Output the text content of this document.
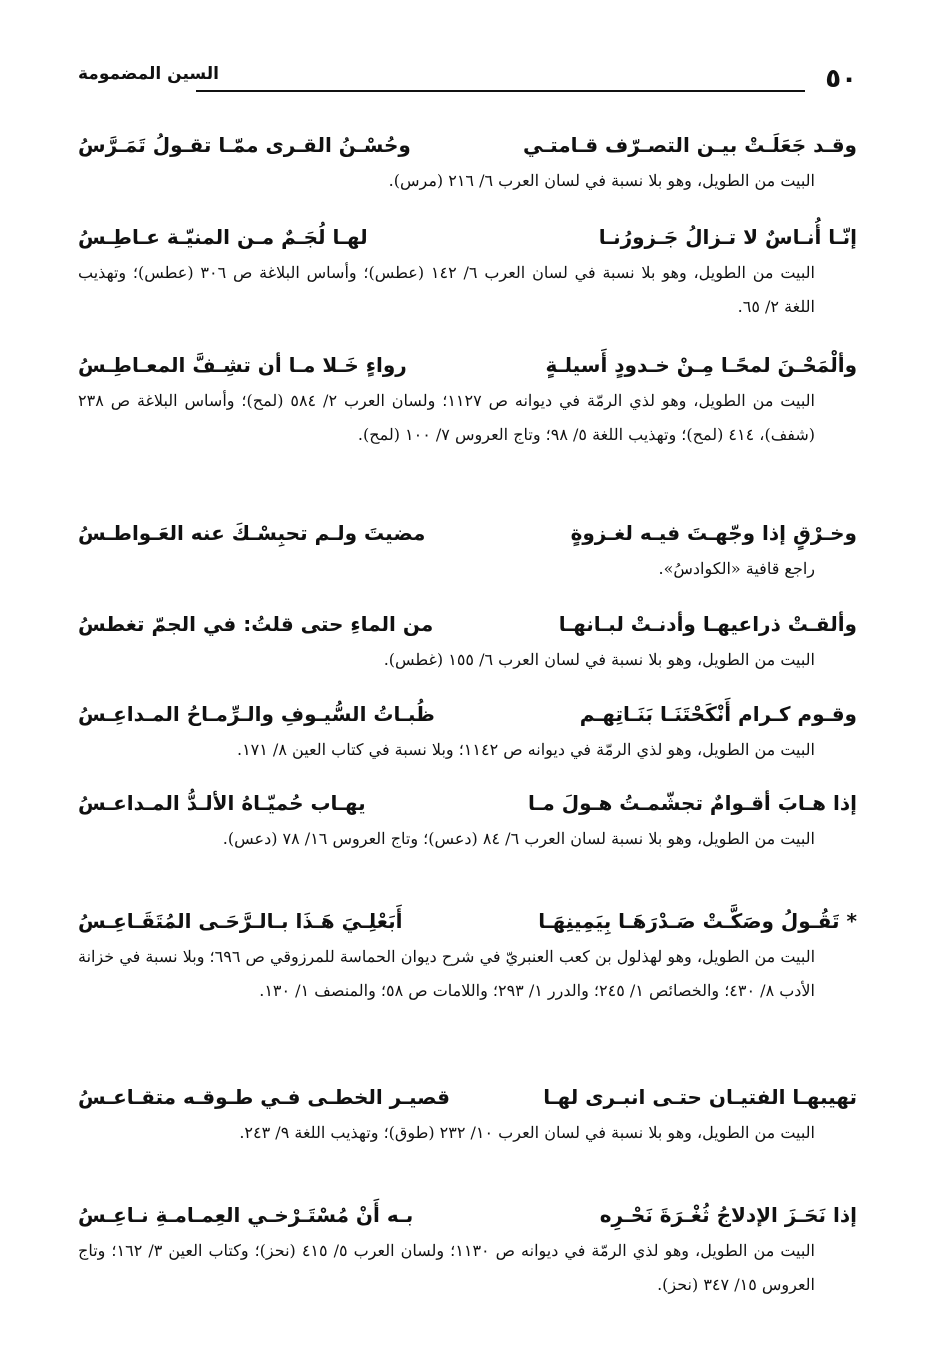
٥٠
السين المضمومة
وقـد جَعَلَـتْ بيـن التصـرّف قـامتـي
وحُسْـنُ القـرى ممّـا تقـولُ تَمَـرَّسُ
البيت من الطويل، وهو بلا نسبة في لسان العرب ٦/ ٢١٦ (مرس).
إنّـا أُنـاسٌ لا تـزالُ جَـزورُنـا
لهـا لُجَـمٌ مـن المنيّـة عـاطِـسُ
البيت من الطويل، وهو بلا نسبة في لسان العرب ٦/ ١٤٢ (عطس)؛ وأساس البلاغة ص ٣٠٦ (عطس)؛ وتهذيب اللغة ٢/ ٦٥.
وألْمَحْـنَ لمحًـا مِـنْ خـدودٍ أَسيلـةٍ
رواءٍ خَـلا مـا أن تشِـفَّ المعـاطِـسُ
البيت من الطويل، وهو لذي الرمّة في ديوانه ص ١١٢٧؛ ولسان العرب ٢/ ٥٨٤ (لمح)؛ وأساس البلاغة ص ٢٣٨ (شفف)، ٤١٤ (لمح)؛ وتهذيب اللغة ٥/ ٩٨؛ وتاج العروس ٧/ ١٠٠ (لمح).
وخـرْقٍ إذا وجّهـتَ فيـه لغـزوةٍ
مضيتَ ولـم تحبِسْـكَ عنه العَـواطـسُ
راجع قافية «الكوادسُ».
وألقـتْ ذراعيهـا وأدنـتْ لبـانهـا
من الماءِ حتى قلتُ: في الجمّ تغطسُ
البيت من الطويل، وهو بلا نسبة في لسان العرب ٦/ ١٥٥ (غطس).
وقـوم كـرام أَنْكَحْتَنَـا بَنَـاتِهـم
ظُبـاتُ السُّيـوفِ والـرِّمـاحُ المـداعِـسُ
البيت من الطويل، وهو لذي الرمّة في ديوانه ص ١١٤٢؛ وبلا نسبة في كتاب العين ٨/ ١٧١.
إذا هـابَ أقـوامٌ تجشّمـتُ هـولَ مـا
يهـاب حُميّـاهُ الألـدُّ المـداعـسُ
البيت من الطويل، وهو بلا نسبة لسان العرب ٦/ ٨٤ (دعس)؛ وتاج العروس ١٦/ ٧٨ (دعس).
* تَقُـولُ وصَكَّـتْ صَـدْرَهَـا بِيَمِينِهَـا
أَبَعْلِـيَ هَـذَا بـالـرَّحَـى المُتَقَـاعِـسُ
البيت من الطويل، وهو لهذلول بن كعب العنبريّ في شرح ديوان الحماسة للمرزوقي ص ٦٩٦؛ وبلا نسبة في خزانة الأدب ٨/ ٤٣٠؛ والخصائص ١/ ٢٤٥؛ والدرر ١/ ٢٩٣؛ واللامات ص ٥٨؛ والمنصف ١/ ١٣٠.
تهيبهـا الفتيـان حتـى انبـرى لهـا
قصيـر الخطـى فـي طـوقـه متقـاعـسُ
البيت من الطويل، وهو بلا نسبة في لسان العرب ١٠/ ٢٣٢ (طوق)؛ وتهذيب اللغة ٩/ ٢٤٣.
إذا نَحَـزَ الإدلاجُ ثُغْـرَةَ نَحْـرِه
بـه أَنْ مُسْتَـرْخـي العِمـامـةِ نـاعِـسُ
البيت من الطويل، وهو لذي الرمّة في ديوانه ص ١١٣٠؛ ولسان العرب ٥/ ٤١٥ (نحز)؛ وكتاب العين ٣/ ١٦٢؛ وتاج العروس ١٥/ ٣٤٧ (نحز).
